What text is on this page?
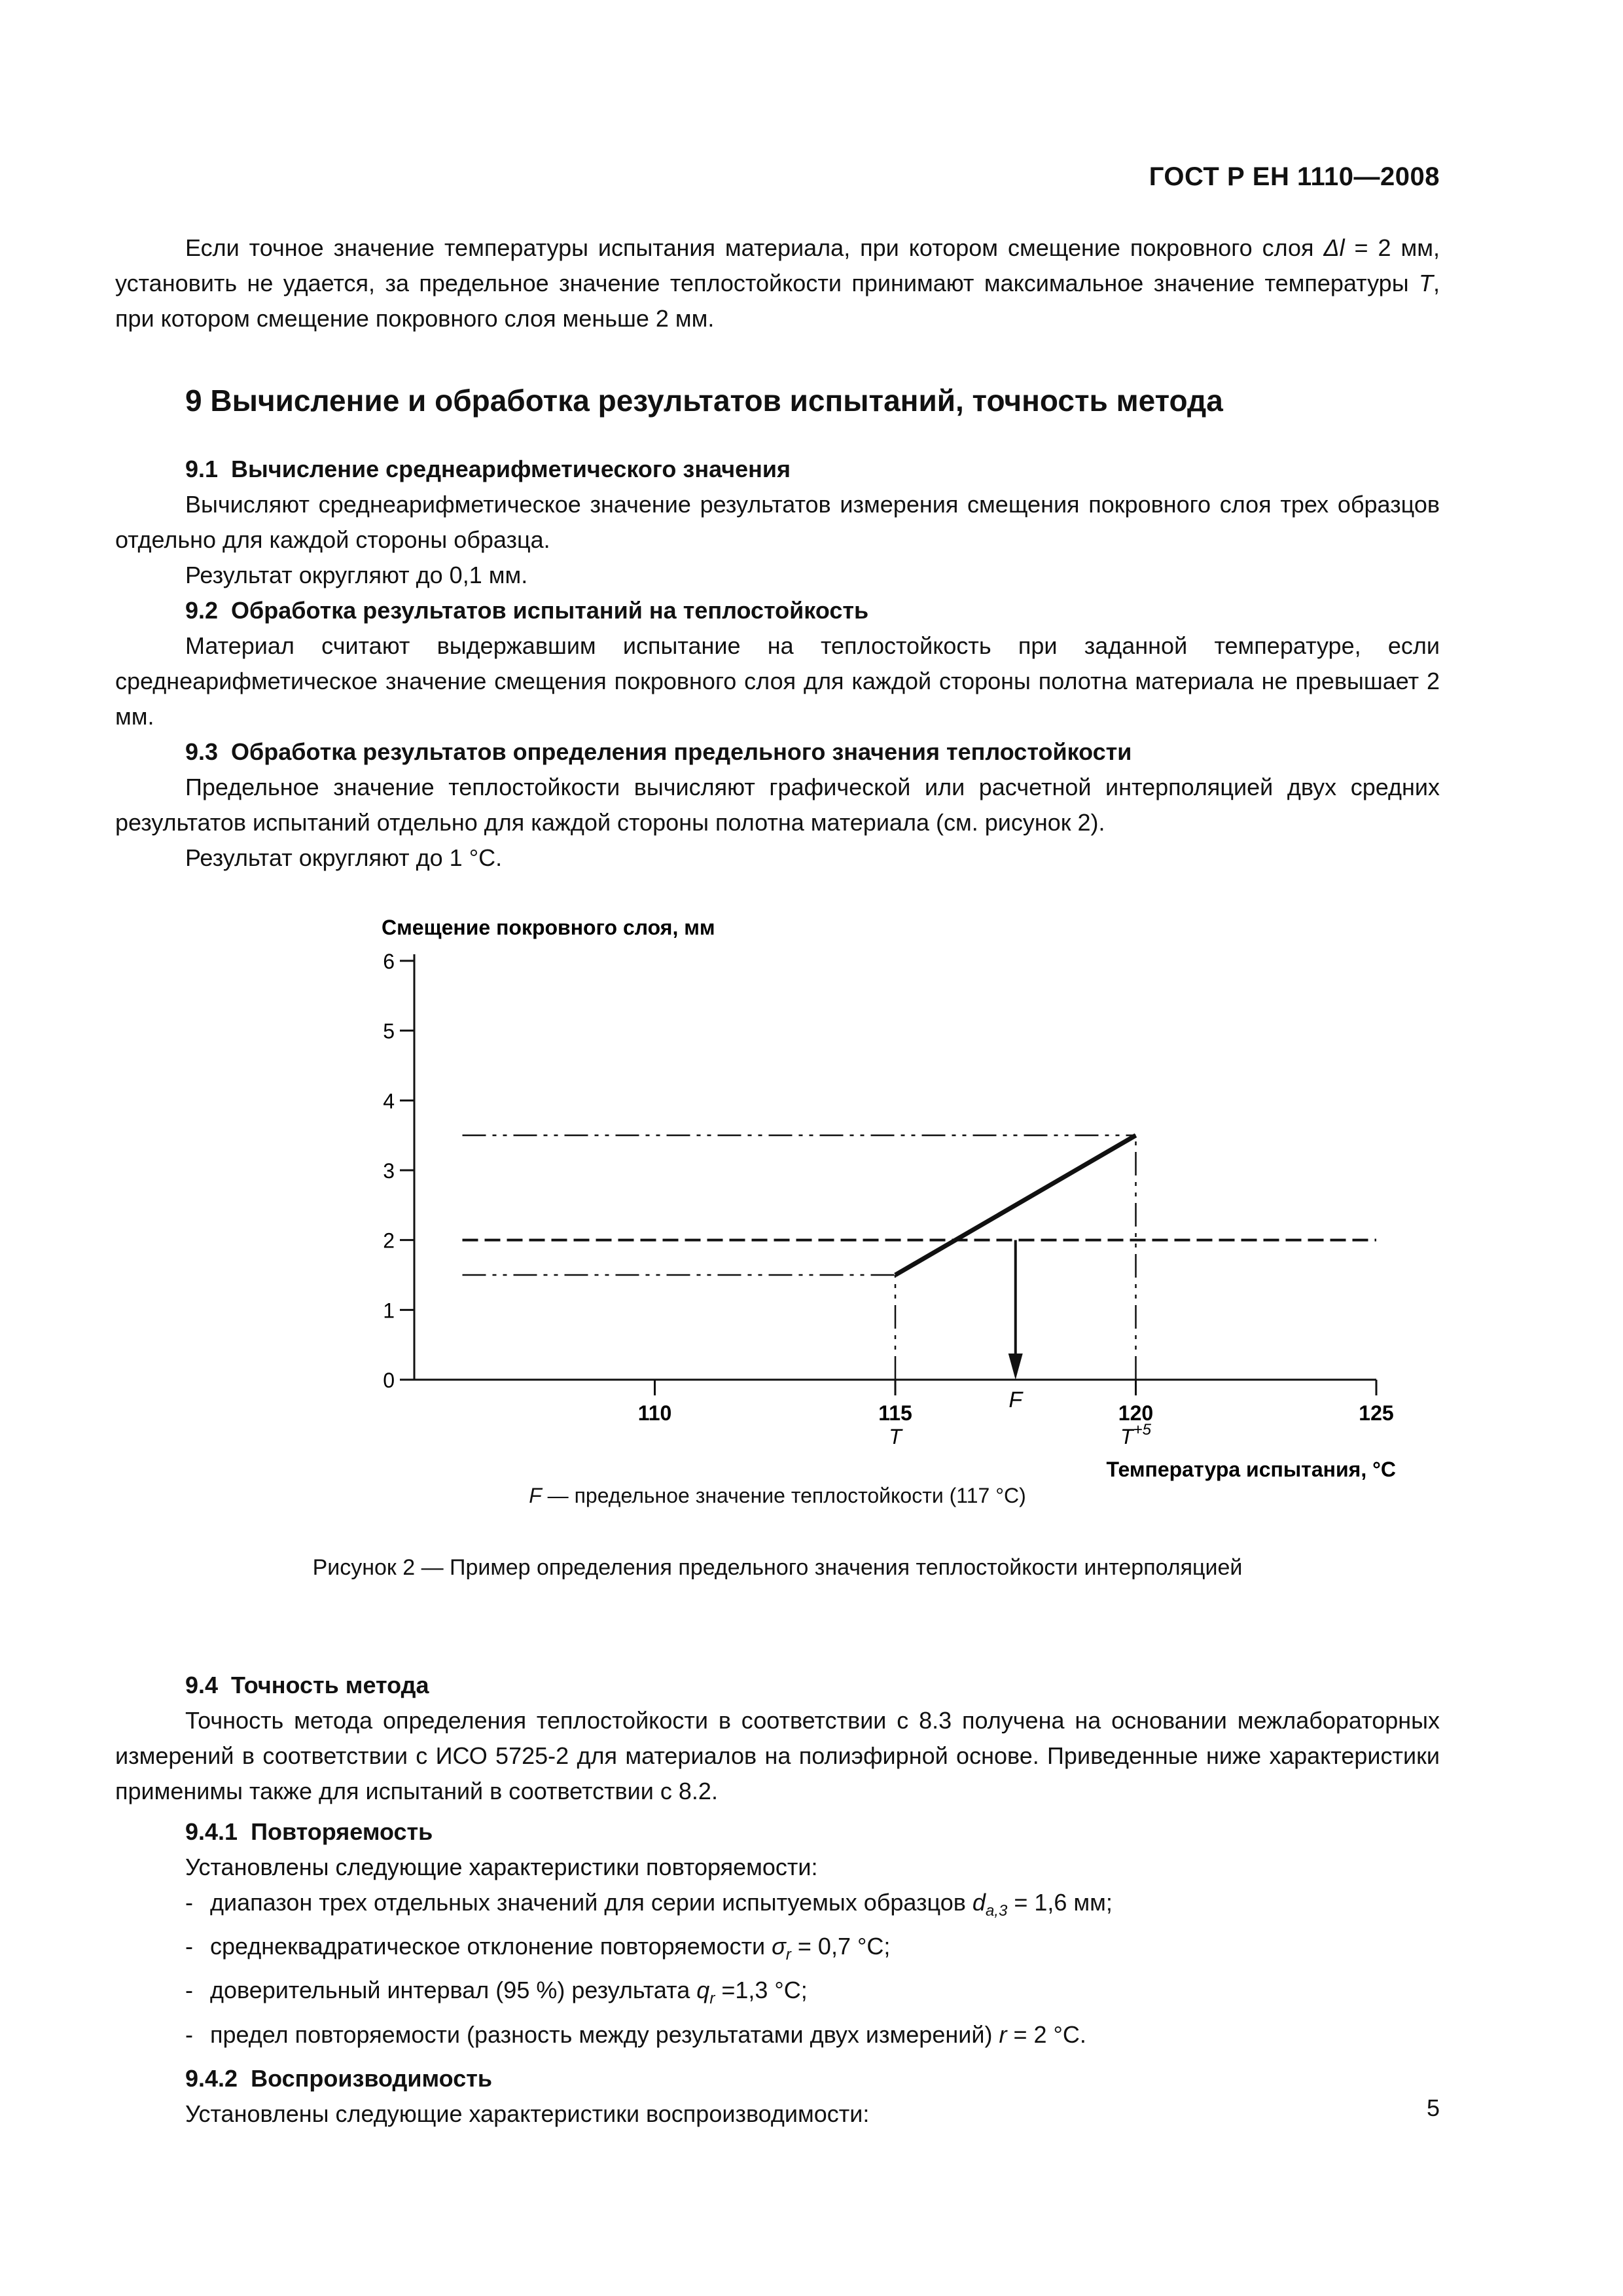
ГОСТ Р ЕН 1110—2008

Если точное значение температуры испытания материала, при котором смещение покровного слоя Δl = 2 мм, установить не удается, за предельное значение теплостойкости принимают максимальное значение температуры T, при котором смещение покровного слоя меньше 2 мм.

9 Вычисление и обработка результатов испытаний, точность метода
9.1 Вычисление среднеарифметического значения

Вычисляют среднеарифметическое значение результатов измерения смещения покровного слоя трех образцов отдельно для каждой стороны образца.

Результат округляют до 0,1 мм.

9.2 Обработка результатов испытаний на теплостойкость

Материал считают выдержавшим испытание на теплостойкость при заданной температуре, если среднеарифметическое значение смещения покровного слоя для каждой стороны полотна материала не превышает 2 мм.

9.3 Обработка результатов определения предельного значения теплостойкости

Предельное значение теплостойкости вычисляют графической или расчетной интерполяцией двух средних результатов испытаний отдельно для каждой стороны полотна материала (см. рисунок 2).

Результат округляют до 1 °С.

0
1
2
3
4
5
6
110	115
T
120
$T^{+5}$
125
Смещение покровного слоя, мм
Температура испытания, °С
F
F — предельное значение теплостойкости (117 °С)
Рисунок 2 — Пример определения предельного значения теплостойкости интерполяцией
9.4 Точность метода

Точность метода определения теплостойкости в соответствии с 8.3 получена на основании межлабораторных измерений в соответствии с ИСО 5725-2 для материалов на полиэфирной основе. Приведенные ниже характеристики применимы также для испытаний в соответствии с 8.2.

9.4.1 Повторяемость

Установлены следующие характеристики повторяемости:

- диапазон трех отдельных значений для серии испытуемых образцов $d_{a,3} = 1,6$ мм;
- среднеквадратическое отклонение повторяемости $\sigma_r = 0,7$ °С;
- доверительный интервал (95 %) результата $q_r =1,3$ °С;
- предел повторяемости (разность между результатами двух измерений) r = 2 °С.
9.4.2 Воспроизводимость

Установлены следующие характеристики воспроизводимости:	5
